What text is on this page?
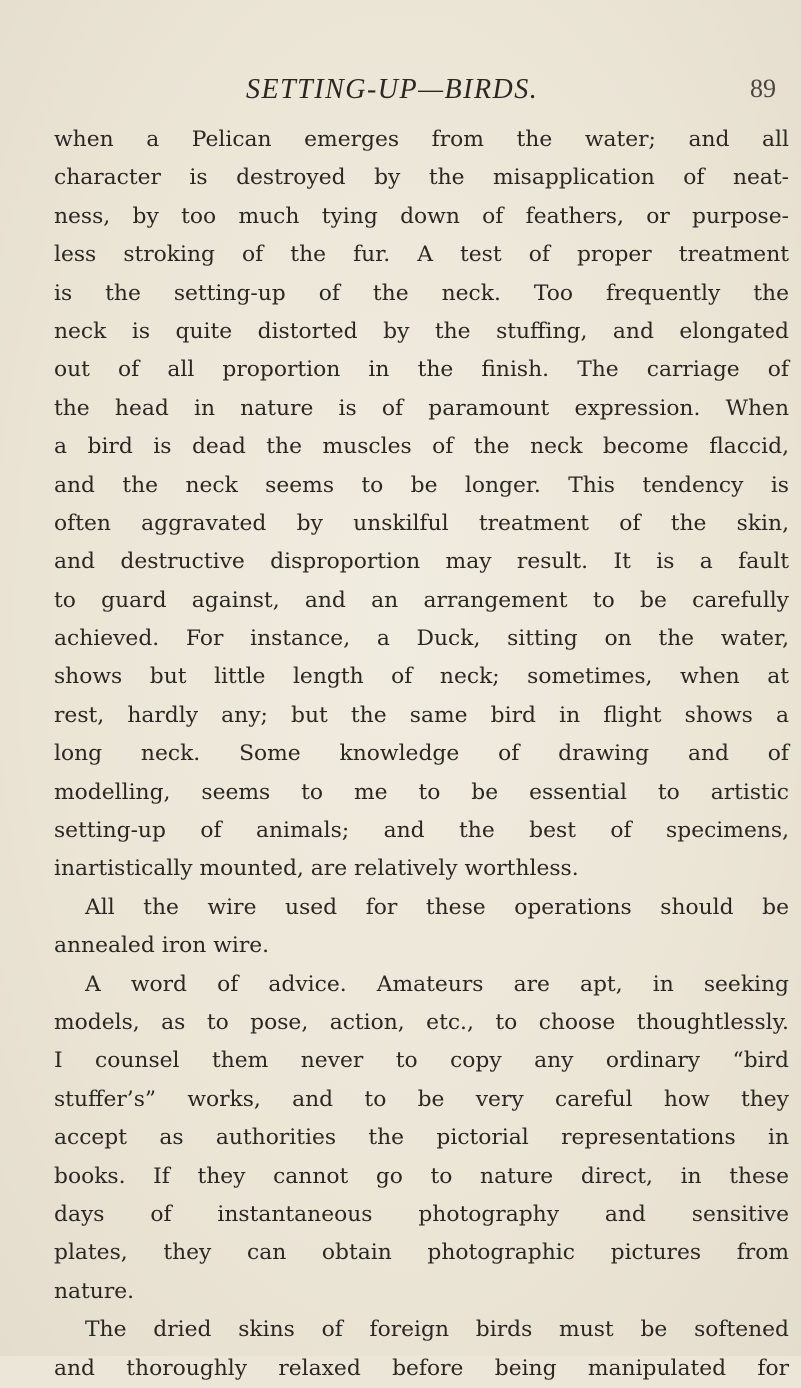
SETTING-UP—BIRDS.	89
when a Pelican emerges from the water; and all
character is destroyed by the misapplication of neat-
ness, by too much tying down of feathers, or purpose-
less stroking of the fur. A test of proper treatment
is the setting-up of the neck. Too frequently the
neck is quite distorted by the stuffing, and elongated
out of all proportion in the finish. The carriage of
the head in nature is of paramount expression. When
a bird is dead the muscles of the neck become flaccid,
and the neck seems to be longer. This tendency is
often aggravated by unskilful treatment of the skin,
and destructive disproportion may result. It is a fault
to guard against, and an arrangement to be carefully
achieved. For instance, a Duck, sitting on the water,
shows but little length of neck; sometimes, when at
rest, hardly any; but the same bird in flight shows a
long neck. Some knowledge of drawing and of
modelling, seems to me to be essential to artistic
setting-up of animals; and the best of specimens,
inartistically mounted, are relatively worthless.
All the wire used for these operations should be
annealed iron wire.
A word of advice. Amateurs are apt, in seeking
models, as to pose, action, etc., to choose thoughtlessly.
I counsel them never to copy any ordinary “bird
stuffer’s” works, and to be very careful how they
accept as authorities the pictorial representations in
books. If they cannot go to nature direct, in these
days of instantaneous photography and sensitive
plates, they can obtain photographic pictures from
nature.
The dried skins of foreign birds must be softened
and thoroughly relaxed before being manipulated for
